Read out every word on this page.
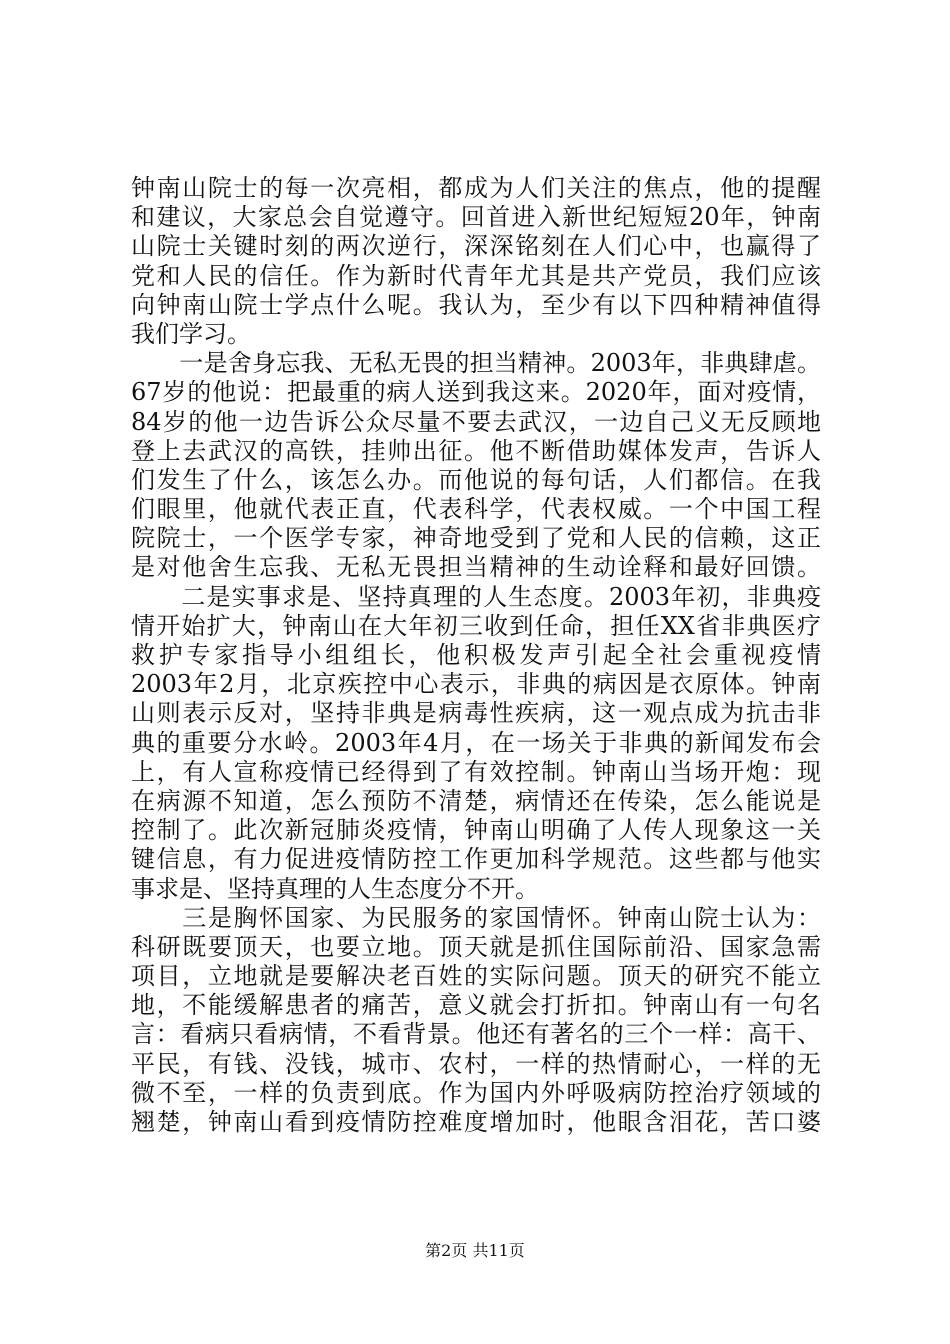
钟南山院士的每一次亮相，都成为人们关注的焦点，他的提醒
和建议，大家总会自觉遵守。回首进入新世纪短短20年，钟南
山院士关键时刻的两次逆行，深深铭刻在人们心中，也赢得了
党和人民的信任。作为新时代青年尤其是共产党员，我们应该
向钟南山院士学点什么呢。我认为，至少有以下四种精神值得
我们学习。
　　一是舍身忘我、无私无畏的担当精神。2003年，非典肆虐。
67岁的他说：把最重的病人送到我这来。2020年，面对疫情，
84岁的他一边告诉公众尽量不要去武汉，一边自己义无反顾地
登上去武汉的高铁，挂帅出征。他不断借助媒体发声，告诉人
们发生了什么，该怎么办。而他说的每句话，人们都信。在我
们眼里，他就代表正直，代表科学，代表权威。一个中国工程
院院士，一个医学专家，神奇地受到了党和人民的信赖，这正
是对他舍生忘我、无私无畏担当精神的生动诠释和最好回馈。
　　二是实事求是、坚持真理的人生态度。2003年初，非典疫
情开始扩大，钟南山在大年初三收到任命，担任XX省非典医疗
救护专家指导小组组长，他积极发声引起全社会重视疫情
2003年2月，北京疾控中心表示，非典的病因是衣原体。钟南
山则表示反对，坚持非典是病毒性疾病，这一观点成为抗击非
典的重要分水岭。2003年4月，在一场关于非典的新闻发布会
上，有人宣称疫情已经得到了有效控制。钟南山当场开炮：现
在病源不知道，怎么预防不清楚，病情还在传染，怎么能说是
控制了。此次新冠肺炎疫情，钟南山明确了人传人现象这一关
键信息，有力促进疫情防控工作更加科学规范。这些都与他实
事求是、坚持真理的人生态度分不开。
　　三是胸怀国家、为民服务的家国情怀。钟南山院士认为：
科研既要顶天，也要立地。顶天就是抓住国际前沿、国家急需
项目，立地就是要解决老百姓的实际问题。顶天的研究不能立
地，不能缓解患者的痛苦，意义就会打折扣。钟南山有一句名
言：看病只看病情，不看背景。他还有著名的三个一样：高干、
平民，有钱、没钱，城市、农村，一样的热情耐心，一样的无
微不至，一样的负责到底。作为国内外呼吸病防控治疗领域的
翘楚，钟南山看到疫情防控难度增加时，他眼含泪花，苦口婆
第2页 共11页
